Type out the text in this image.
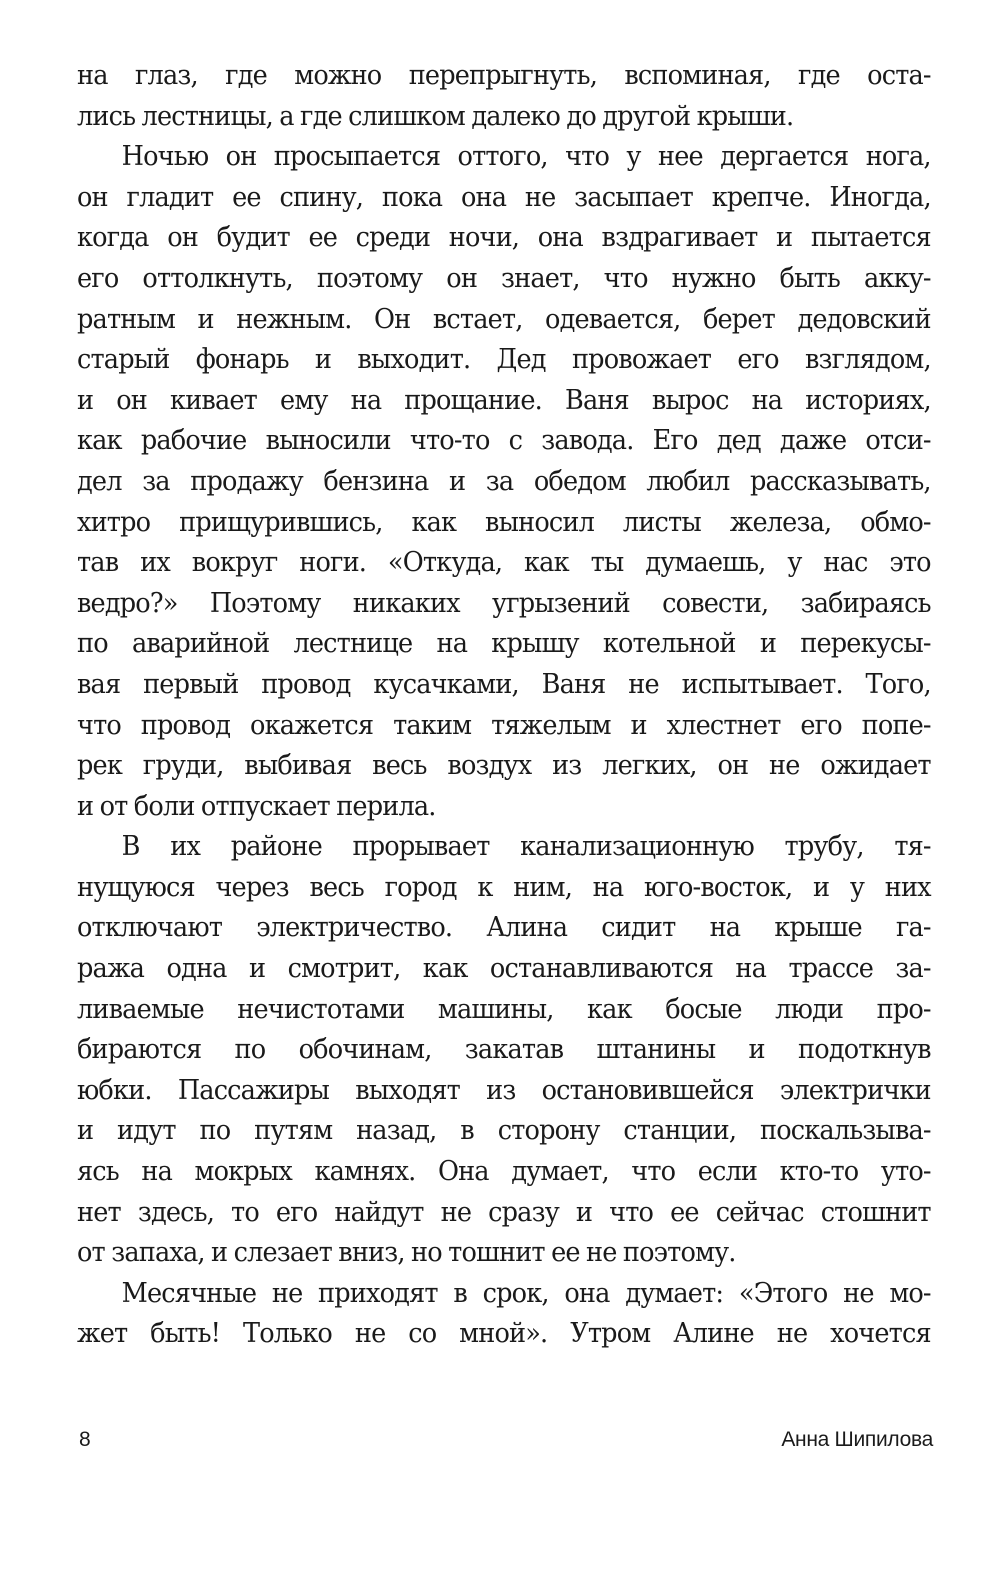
на глаз, где можно перепрыгнуть, вспоминая, где оста-
лись лестницы, а где слишком далеко до другой крыши.
Ночью он просыпается оттого, что у нее дергается нога,
он гладит ее спину, пока она не засыпает крепче. Иногда,
когда он будит ее среди ночи, она вздрагивает и пытается
его оттолкнуть, поэтому он знает, что нужно быть акку-
ратным и нежным. Он встает, одевается, берет дедовский
старый фонарь и выходит. Дед провожает его взглядом,
и он кивает ему на прощание. Ваня вырос на историях,
как рабочие выносили что-то с завода. Его дед даже отси-
дел за продажу бензина и за обедом любил рассказывать,
хитро прищурившись, как выносил листы железа, обмо-
тав их вокруг ноги. «Откуда, как ты думаешь, у нас это
ведро?» Поэтому никаких угрызений совести, забираясь
по аварийной лестнице на крышу котельной и перекусы-
вая первый провод кусачками, Ваня не испытывает. Того,
что провод окажется таким тяжелым и хлестнет его попе-
рек груди, выбивая весь воздух из легких, он не ожидает
и от боли отпускает перила.
В их районе прорывает канализационную трубу, тя-
нущуюся через весь город к ним, на юго-восток, и у них
отключают электричество. Алина сидит на крыше га-
ража одна и смотрит, как останавливаются на трассе за-
ливаемые нечистотами машины, как босые люди про-
бираются по обочинам, закатав штанины и подоткнув
юбки. Пассажиры выходят из остановившейся электрички
и идут по путям назад, в сторону станции, поскальзыва-
ясь на мокрых камнях. Она думает, что если кто-то уто-
нет здесь, то его найдут не сразу и что ее сейчас стошнит
от запаха, и слезает вниз, но тошнит ее не поэтому.
Месячные не приходят в срок, она думает: «Этого не мо-
жет быть! Только не со мной». Утром Алине не хочется
8	Анна Шипилова
